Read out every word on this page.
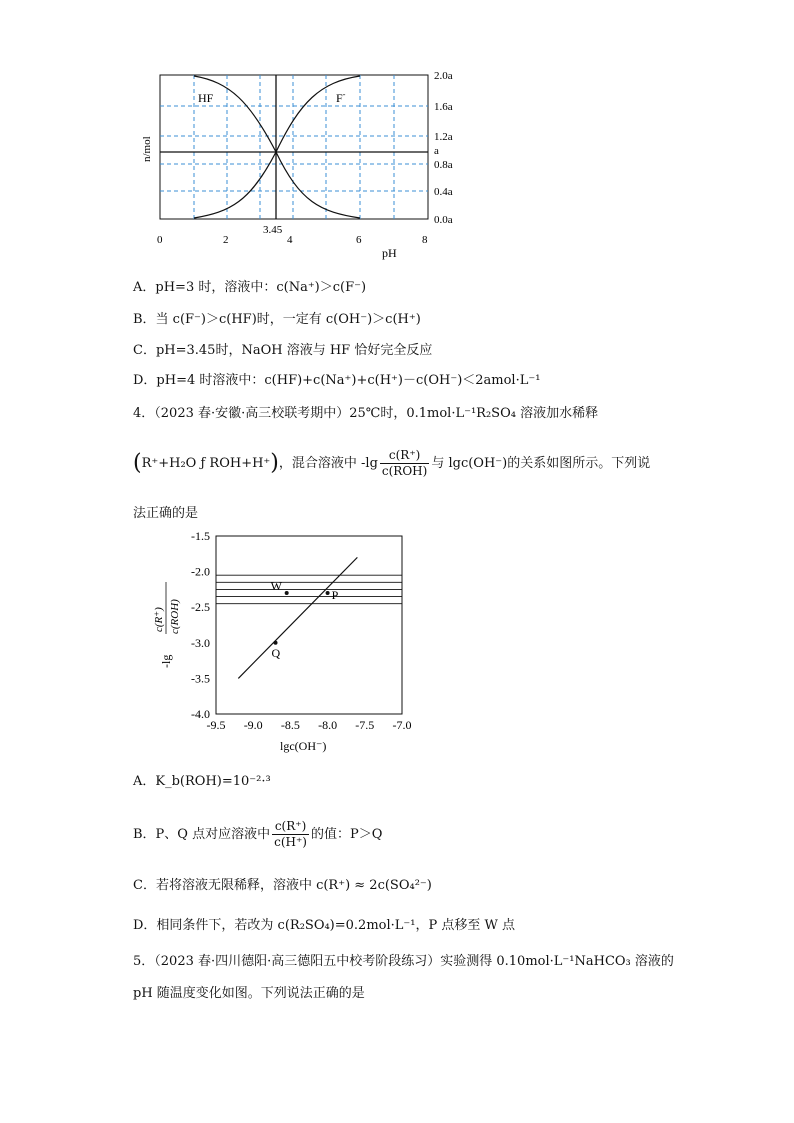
HF	F-
2.0a
1.6a
1.2a
a
0.8a
0.4a
0.0a
0	2
3.45
4	6	8
pH
n/mol
A．pH=3 时，溶液中：c(Na⁺)＞c(F⁻)
B．当 c(F⁻)＞c(HF)时，一定有 c(OH⁻)＞c(H⁺)
C．pH=3.45时，NaOH 溶液与 HF 恰好完全反应
D．pH=4 时溶液中：c(HF)+c(Na⁺)+c(H⁺)－c(OH⁻)＜2amol·L⁻¹
4．（2023 春·安徽·高三校联考期中）25℃时，0.1mol·L⁻¹R₂SO₄ 溶液加水稀释
(R⁺+H₂O ƒ ROH+H⁺)，混合溶液中 $-\lg \frac{c(R^+)}{\text{c(ROH)}}$ 与 lgc(OH⁻)的关系如图所示。下列说
法正确的是
-1.5
-2.0
-2.5
-3.0
-3.5
-4.0
-9.5 -9.0 -8.5 -8.0 -7.5 -7.0
W
P
Q
lgc(OH⁻)
-lg
c(R⁺) c(ROH)
A．K_b(ROH)=10⁻²·³
B．P、Q 点对应溶液中 $\frac{c(R^+)}{c(H^+)}$ 的值：P＞Q
C．若将溶液无限稀释，溶液中 c(R⁺) ≈ 2c(SO₄²⁻)
D．相同条件下，若改为 c(R₂SO₄)=0.2mol·L⁻¹，P 点移至 W 点
5．（2023 春·四川德阳·高三德阳五中校考阶段练习）实验测得 0.10mol·L⁻¹NaHCO₃ 溶液的
pH 随温度变化如图。下列说法正确的是
